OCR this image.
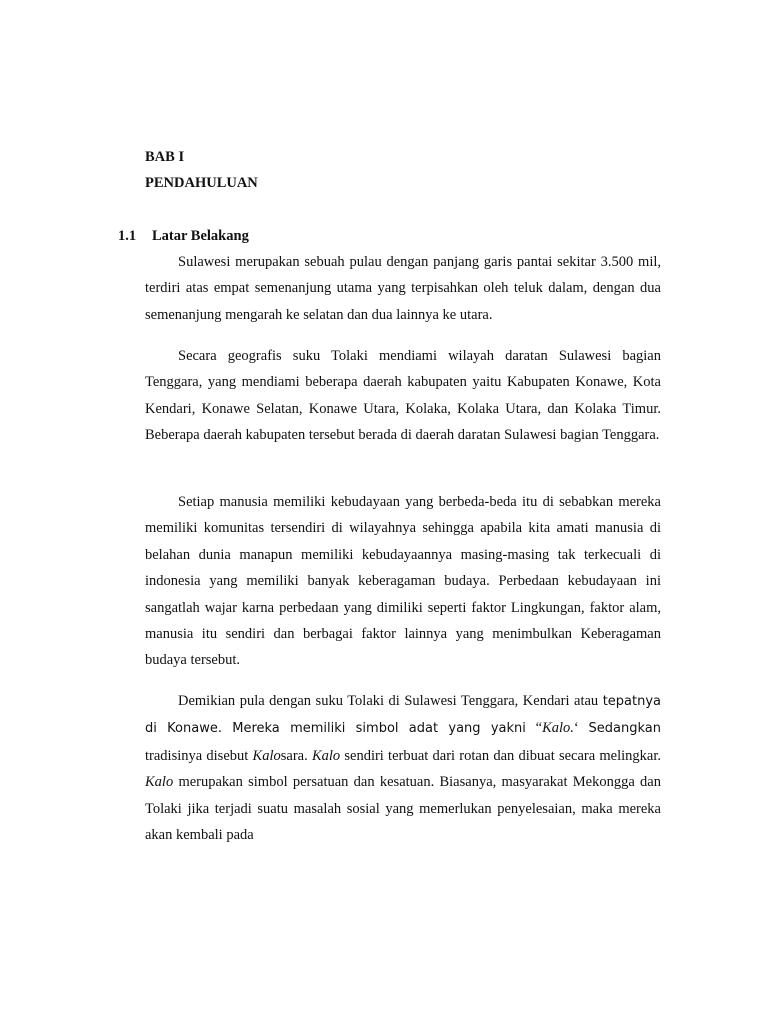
BAB I
PENDAHULUAN
1.1 Latar Belakang

Sulawesi merupakan sebuah pulau dengan panjang garis pantai sekitar 3.500 mil, terdiri atas empat semenanjung utama yang terpisahkan oleh teluk dalam, dengan dua semenanjung mengarah ke selatan dan dua lainnya ke utara.

Secara geografis suku Tolaki mendiami wilayah daratan Sulawesi bagian Tenggara, yang mendiami beberapa daerah kabupaten yaitu Kabupaten Konawe, Kota Kendari, Konawe Selatan, Konawe Utara, Kolaka, Kolaka Utara, dan Kolaka Timur. Beberapa daerah kabupaten tersebut berada di daerah daratan Sulawesi bagian Tenggara.

Setiap manusia memiliki kebudayaan yang berbeda-beda itu di sebabkan mereka memiliki komunitas tersendiri di wilayahnya sehingga apabila kita amati manusia di belahan dunia manapun memiliki kebudayaannya masing-masing tak terkecuali di indonesia yang memiliki banyak keberagaman budaya. Perbedaan kebudayaan ini sangatlah wajar karna perbedaan yang dimiliki seperti faktor Lingkungan, faktor alam, manusia itu sendiri dan berbagai faktor lainnya yang menimbulkan Keberagaman budaya tersebut.

Demikian pula dengan suku Tolaki di Sulawesi Tenggara, Kendari atau tepatnya di Konawe. Mereka memiliki simbol adat yang yakni “Kalo.‘ Sedangkan tradisinya disebut Kalosara. Kalo sendiri terbuat dari rotan dan dibuat secara melingkar. Kalo merupakan simbol persatuan dan kesatuan. Biasanya, masyarakat Mekongga dan Tolaki jika terjadi suatu masalah sosial yang memerlukan penyelesaian, maka mereka akan kembali pada
